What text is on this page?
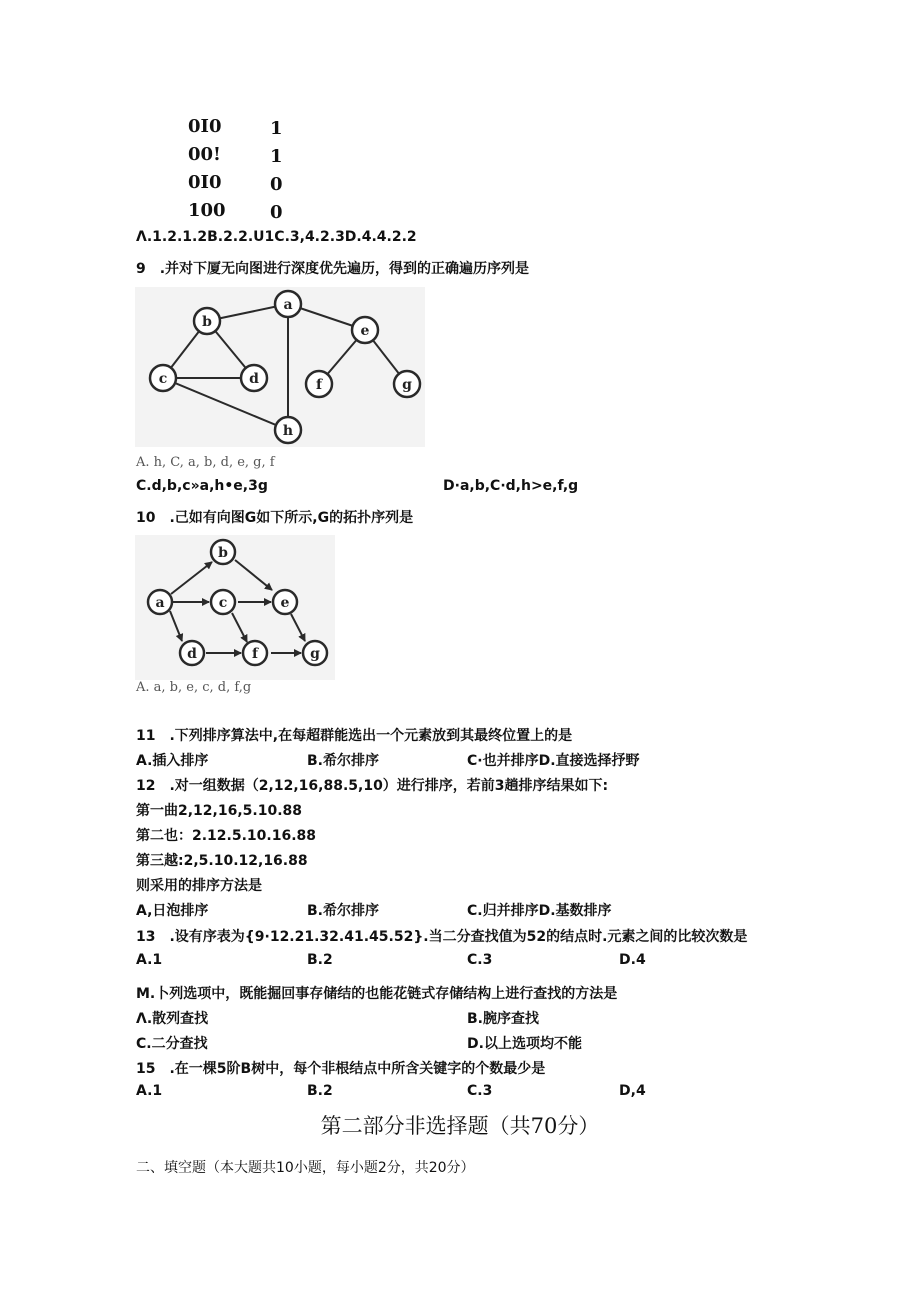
0I0	1
00!	1
0I0	0
100 0
Λ.1.2.1.2B.2.2.U1C.3,4.2.3D.4.4.2.2
9　.并对下厦无向图进行深度优先遍历，得到的正确遍历序列是
a
b
c	d
e
f	g
h
A. h, C, a, b, d, e, g, f
C.d,b,c»a,h•e,3g	D·a,b,C·d,h>e,f,g
10　.己如有向图G如下所示,G的拓扑序列是
a
b
c
d
e
f	g
A. a, b, e, c, d, f,g
11　.下列排序算法中,在每超群能选出一个元素放到其最终位置上的是
A.插入排序	B.希尔排序	C·也并排序D.直接选择抒野
12　.对一组数据（2,12,16,88.5,10）进行排序，若前3趟排序结果如下:
第一曲2,12,16,5.10.88
第二也：2.12.5.10.16.88
第三越:2,5.10.12,16.88
则采用的排序方法是
A,日泡排序	B.希尔排序	C.归并排序D.基数排序
13　.设有序表为{9·12.21.32.41.45.52}.当二分查找值为52的结点时.元素之间的比较次数是
A.1	B.2	C.3	D.4
M.卜列选项中，既能掘回事存储结的也能花链式存储结构上进行查找的方法是
Λ.散列查找	B.腕序查找
C.二分查找	D.以上选项均不能
15　.在一棵5阶B树中，每个非根结点中所含关键字的个数最少是
A.1	B.2	C.3	D,4
第二部分非选择题（共70分）
二、填空题（本大题共10小题，每小题2分，共20分）
